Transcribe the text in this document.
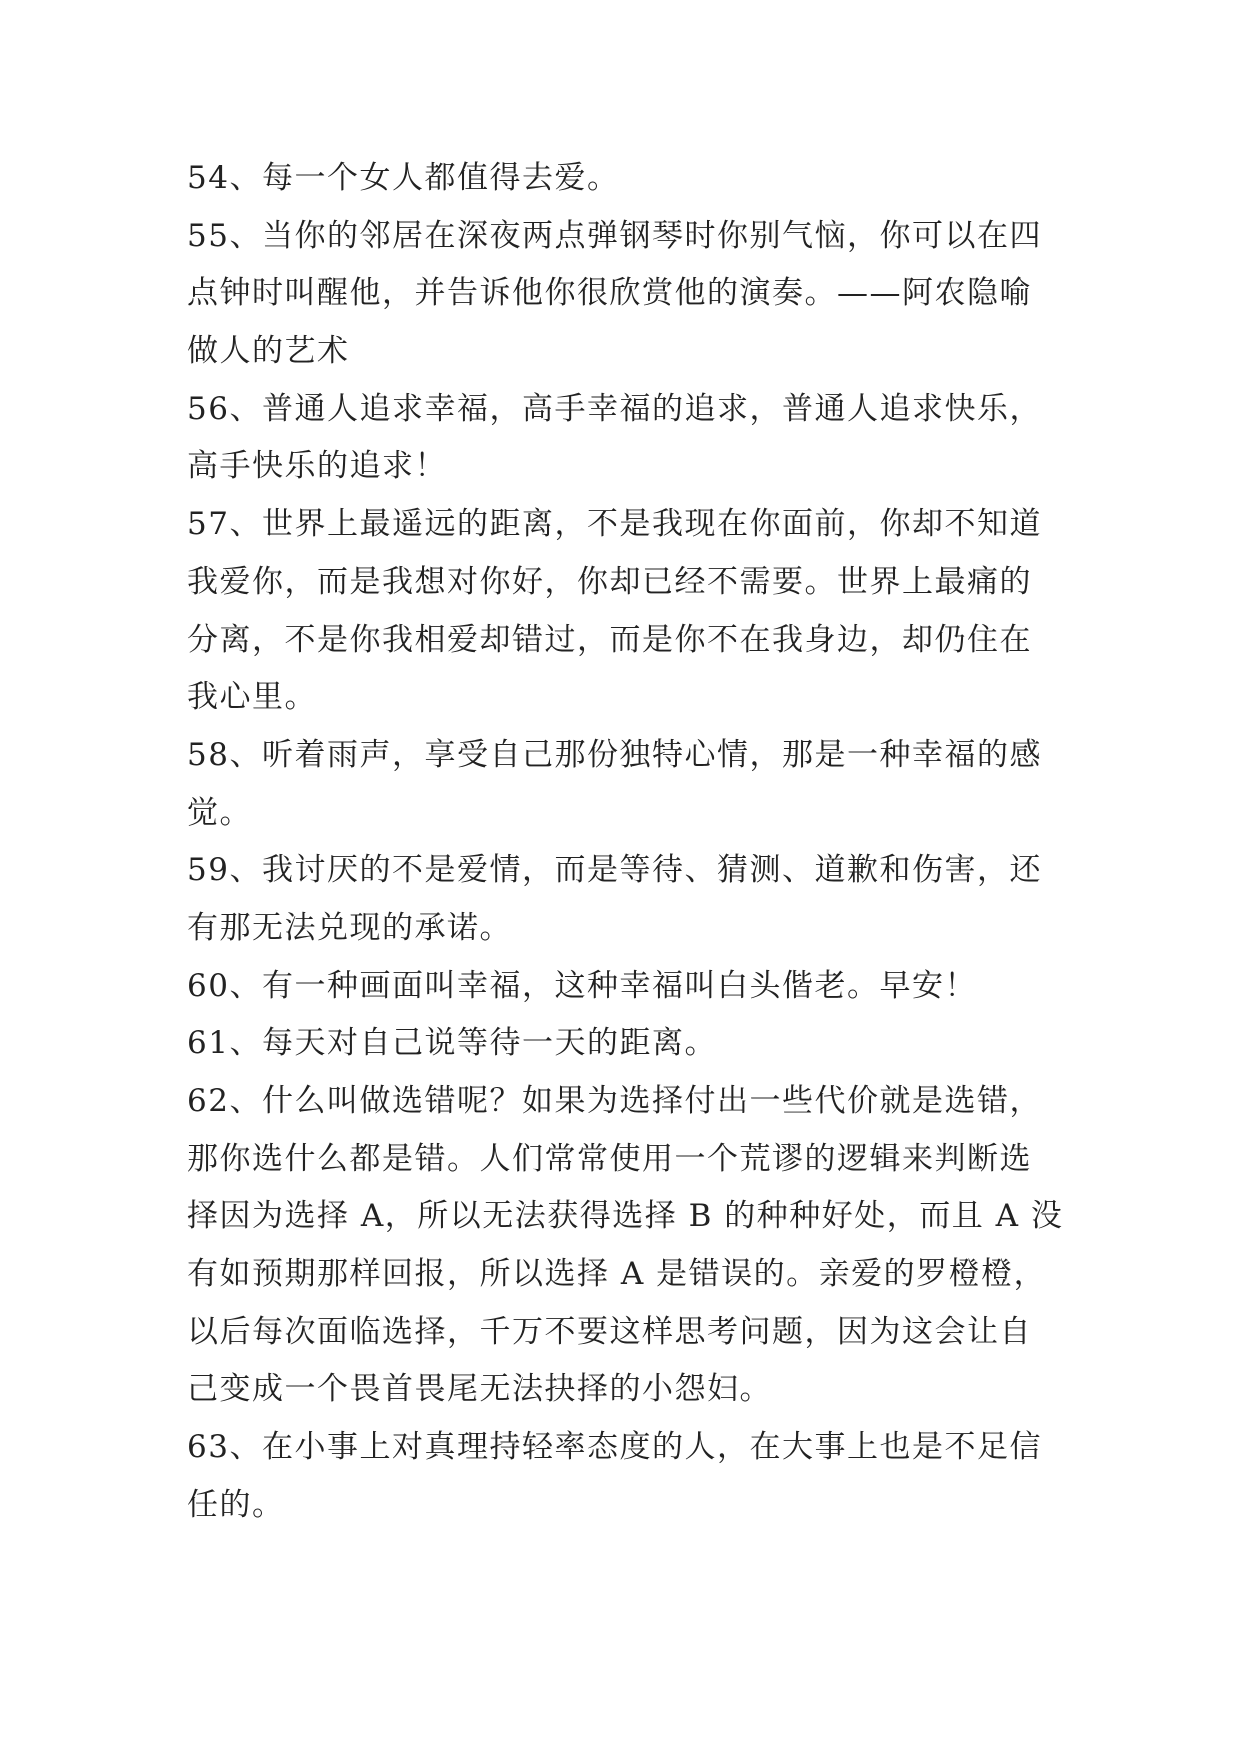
54、每一个女人都值得去爱。
55、当你的邻居在深夜两点弹钢琴时你别气恼，你可以在四
点钟时叫醒他，并告诉他你很欣赏他的演奏。——阿农隐喻
做人的艺术
56、普通人追求幸福，高手幸福的追求，普通人追求快乐，
高手快乐的追求！
57、世界上最遥远的距离，不是我现在你面前，你却不知道
我爱你，而是我想对你好，你却已经不需要。世界上最痛的
分离，不是你我相爱却错过，而是你不在我身边，却仍住在
我心里。
58、听着雨声，享受自己那份独特心情，那是一种幸福的感
觉。
59、我讨厌的不是爱情，而是等待、猜测、道歉和伤害，还
有那无法兑现的承诺。
60、有一种画面叫幸福，这种幸福叫白头偕老。早安！
61、每天对自己说等待一天的距离。
62、什么叫做选错呢？如果为选择付出一些代价就是选错，
那你选什么都是错。人们常常使用一个荒谬的逻辑来判断选
择因为选择 A，所以无法获得选择 B 的种种好处，而且 A 没
有如预期那样回报，所以选择 A 是错误的。亲爱的罗橙橙，
以后每次面临选择，千万不要这样思考问题，因为这会让自
己变成一个畏首畏尾无法抉择的小怨妇。
63、在小事上对真理持轻率态度的人，在大事上也是不足信
任的。
